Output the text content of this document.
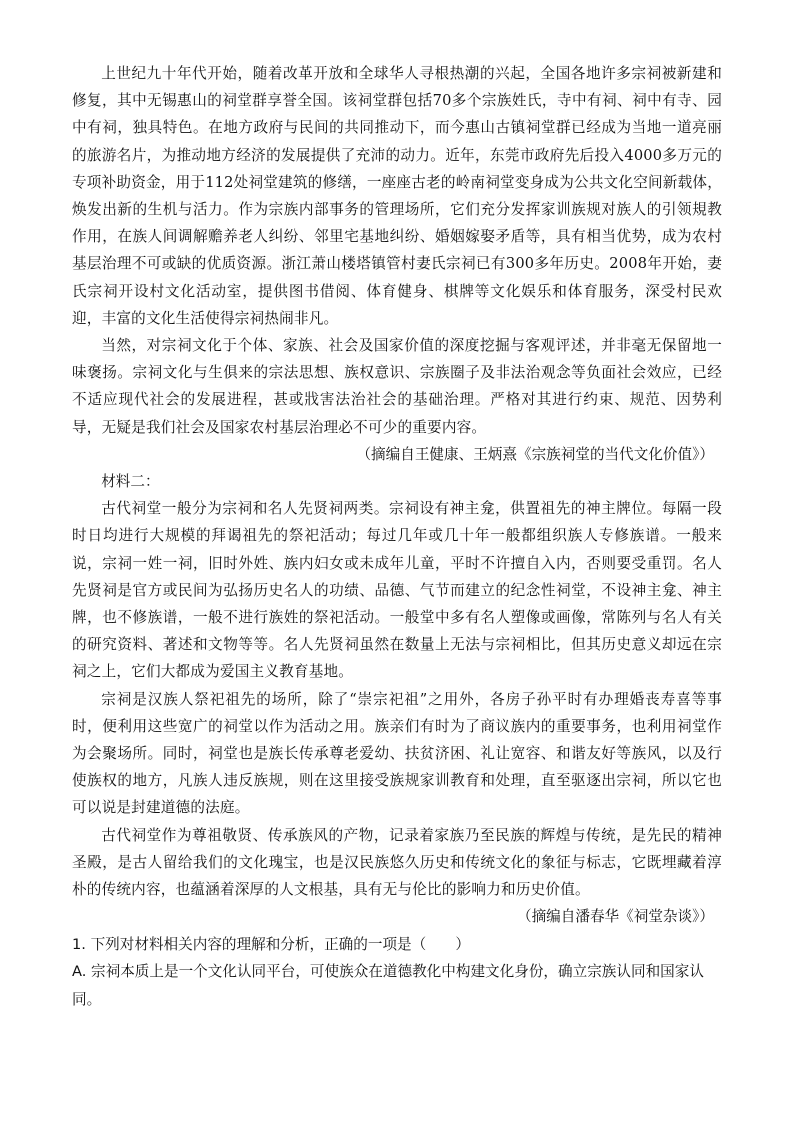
上世纪九十年代开始，随着改革开放和全球华人寻根热潮的兴起，全国各地许多宗祠被新建和修复，其中无锡惠山的祠堂群享誉全国。该祠堂群包括70多个宗族姓氏，寺中有祠、祠中有寺、园中有祠，独具特色。在地方政府与民间的共同推动下，而今惠山古镇祠堂群已经成为当地一道亮丽的旅游名片，为推动地方经济的发展提供了充沛的动力。近年，东莞市政府先后投入4000多万元的专项补助资金，用于112处祠堂建筑的修缮，一座座古老的岭南祠堂变身成为公共文化空间新载体，焕发出新的生机与活力。作为宗族内部事务的管理场所，它们充分发挥家训族规对族人的引领規教作用，在族人间调解赡养老人纠纷、邻里宅基地纠纷、婚姻嫁娶矛盾等，具有相当优势，成为农村基层治理不可或缺的优质资源。浙江萧山楼塔镇管村妻氏宗祠已有300多年历史。2008年开始，妻氏宗祠开设村文化活动室，提供图书借阅、体育健身、棋牌等文化娱乐和体育服务，深受村民欢迎，丰富的文化生活使得宗祠热闹非凡。

当然，对宗祠文化于个体、家族、社会及国家价值的深度挖掘与客观评述，并非毫无保留地一味褒扬。宗祠文化与生俱来的宗法思想、族权意识、宗族圈子及非法治观念等负面社会效应，已经不适应现代社会的发展进程，甚或戕害法治社会的基础治理。严格对其进行约束、规范、因势利导，无疑是我们社会及国家农村基层治理必不可少的重要内容。

（摘编自王健康、王炳熹《宗族祠堂的当代文化价值》）

材料二：

古代祠堂一般分为宗祠和名人先贤祠两类。宗祠设有神主龛，供置祖先的神主牌位。每隔一段时日均进行大规模的拜谒祖先的祭祀活动；每过几年或几十年一般都组织族人专修族谱。一般来说，宗祠一姓一祠，旧时外姓、族内妇女或未成年儿童，平时不许擅自入内，否则要受重罚。名人先贤祠是官方或民间为弘扬历史名人的功绩、品德、气节而建立的纪念性祠堂，不设神主龛、神主牌，也不修族谱，一般不进行族姓的祭祀活动。一般堂中多有名人塑像或画像，常陈列与名人有关的研究资料、著述和文物等等。名人先贤祠虽然在数量上无法与宗祠相比，但其历史意义却远在宗祠之上，它们大都成为爱国主义教育基地。

宗祠是汉族人祭祀祖先的场所，除了“崇宗祀祖”之用外，各房子孙平时有办理婚丧寿喜等事时，便利用这些宽广的祠堂以作为活动之用。族亲们有时为了商议族内的重要事务，也利用祠堂作为会聚场所。同时，祠堂也是族长传承尊老爱幼、扶贫济困、礼让宽容、和谐友好等族风，以及行使族权的地方，凡族人违反族规，则在这里接受族规家训教育和处理，直至驱逐出宗祠，所以它也可以说是封建道德的法庭。

古代祠堂作为尊祖敬贤、传承族风的产物，记录着家族乃至民族的辉煌与传统，是先民的精神圣殿，是古人留给我们的文化瑰宝，也是汉民族悠久历史和传统文化的象征与标志，它既埋藏着淳朴的传统内容，也蕴涵着深厚的人文根基，具有无与伦比的影响力和历史价值。

（摘编自潘春华《祠堂杂谈》）

1. 下列对材料相关内容的理解和分析，正确的一项是（　　）

A. 宗祠本质上是一个文化认同平台，可使族众在道德教化中构建文化身份，确立宗族认同和国家认同。
